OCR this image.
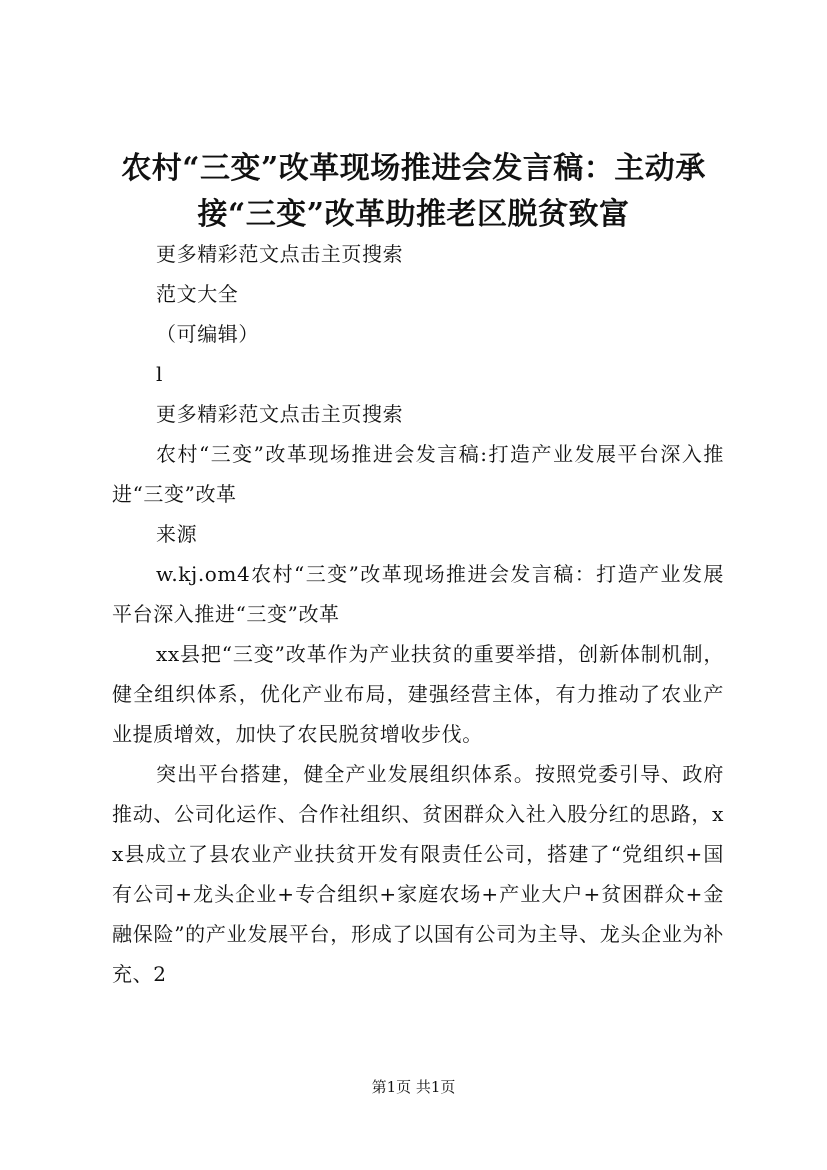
农村“三变”改革现场推进会发言稿：主动承接“三变”改革助推老区脱贫致富

更多精彩范文点击主页搜索

范文大全

（可编辑）

l

更多精彩范文点击主页搜索

农村“三变”改革现场推进会发言稿:打造产业发展平台深入推进“三变”改革

来源

w.kj.om4农村“三变”改革现场推进会发言稿：打造产业发展平台深入推进“三变”改革

xx县把“三变”改革作为产业扶贫的重要举措，创新体制机制，健全组织体系，优化产业布局，建强经营主体，有力推动了农业产业提质增效，加快了农民脱贫增收步伐。

突出平台搭建，健全产业发展组织体系。按照党委引导、政府推动、公司化运作、合作社组织、贫困群众入社入股分红的思路，xx县成立了县农业产业扶贫开发有限责任公司，搭建了“党组织+国有公司+龙头企业+专合组织+家庭农场+产业大户+贫困群众+金融保险”的产业发展平台，形成了以国有公司为主导、龙头企业为补充、2

第1页 共1页
